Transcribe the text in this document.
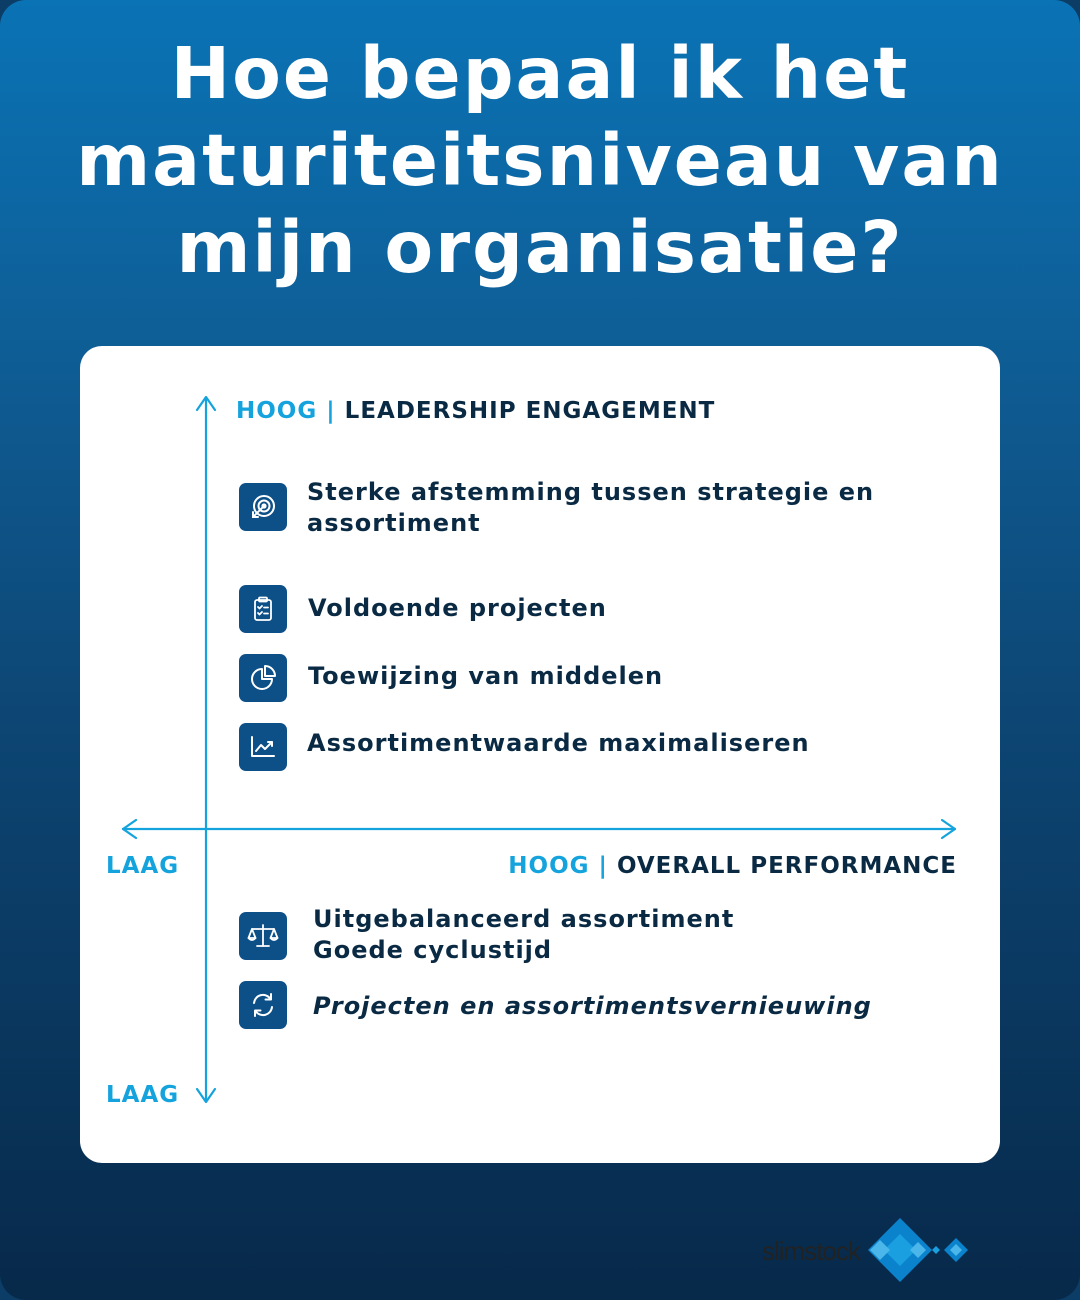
Hoe bepaal ik het
maturiteitsniveau van
mijn organisatie?
HOOG | LEADERSHIP ENGAGEMENT
LAAG	HOOG | OVERALL PERFORMANCE
LAAG
Sterke afstemming tussen strategie en
assortiment
Voldoende projecten
Toewijzing van middelen
Assortimentwaarde maximaliseren
Uitgebalanceerd assortiment
Goede cyclustijd
Projecten en assortimentsvernieuwing
slimstock
